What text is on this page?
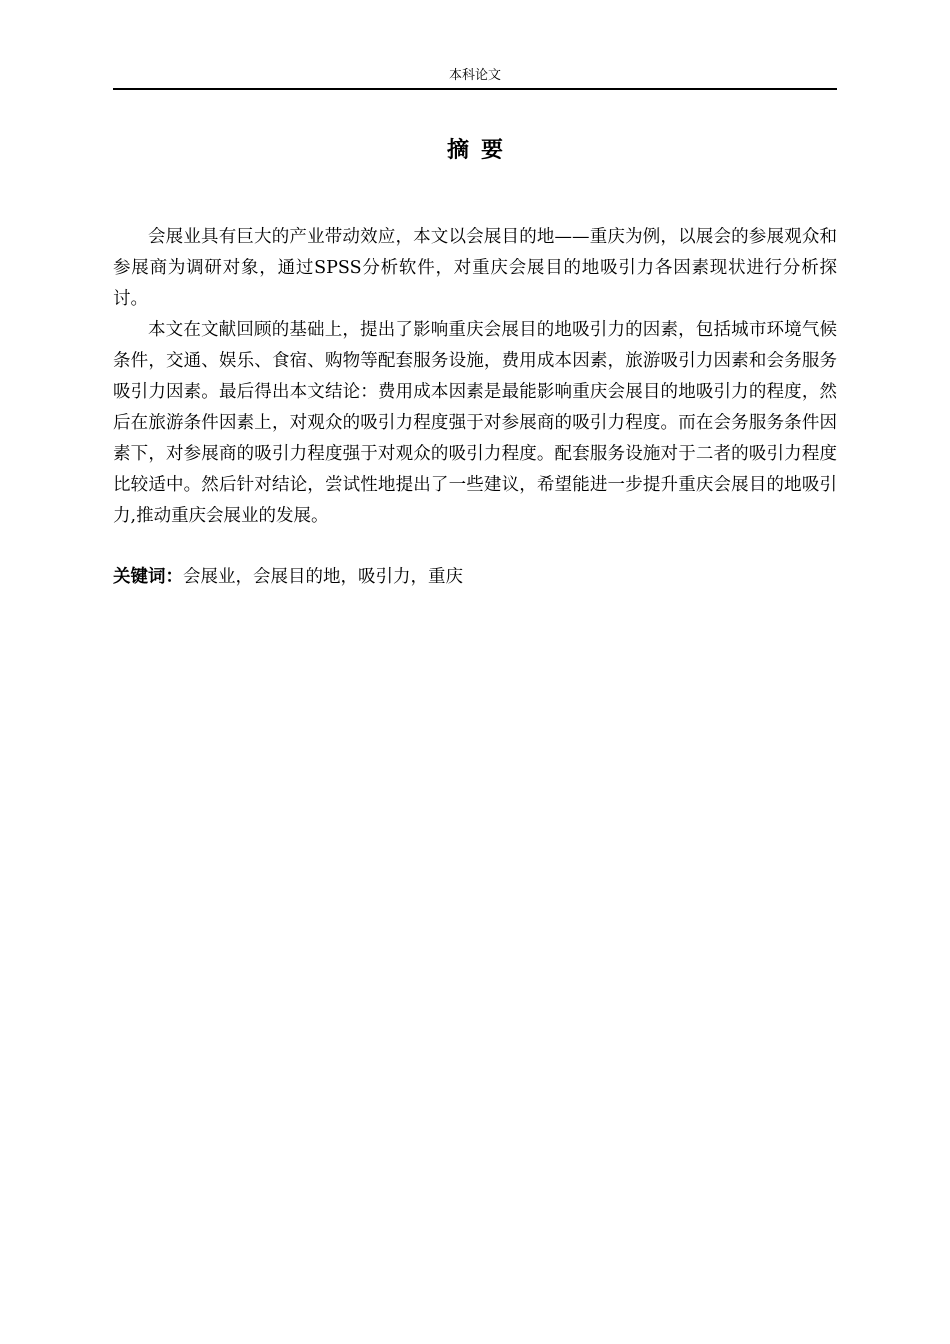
本科论文
摘要

会展业具有巨大的产业带动效应，本文以会展目的地——重庆为例，以展会的参展观众和参展商为调研对象，通过SPSS分析软件，对重庆会展目的地吸引力各因素现状进行分析探讨。

本文在文献回顾的基础上，提出了影响重庆会展目的地吸引力的因素，包括城市环境气候条件，交通、娱乐、食宿、购物等配套服务设施，费用成本因素，旅游吸引力因素和会务服务吸引力因素。最后得出本文结论：费用成本因素是最能影响重庆会展目的地吸引力的程度，然后在旅游条件因素上，对观众的吸引力程度强于对参展商的吸引力程度。而在会务服务条件因素下，对参展商的吸引力程度强于对观众的吸引力程度。配套服务设施对于二者的吸引力程度比较适中。然后针对结论，尝试性地提出了一些建议，希望能进一步提升重庆会展目的地吸引力,推动重庆会展业的发展。

关键词：会展业，会展目的地，吸引力，重庆
